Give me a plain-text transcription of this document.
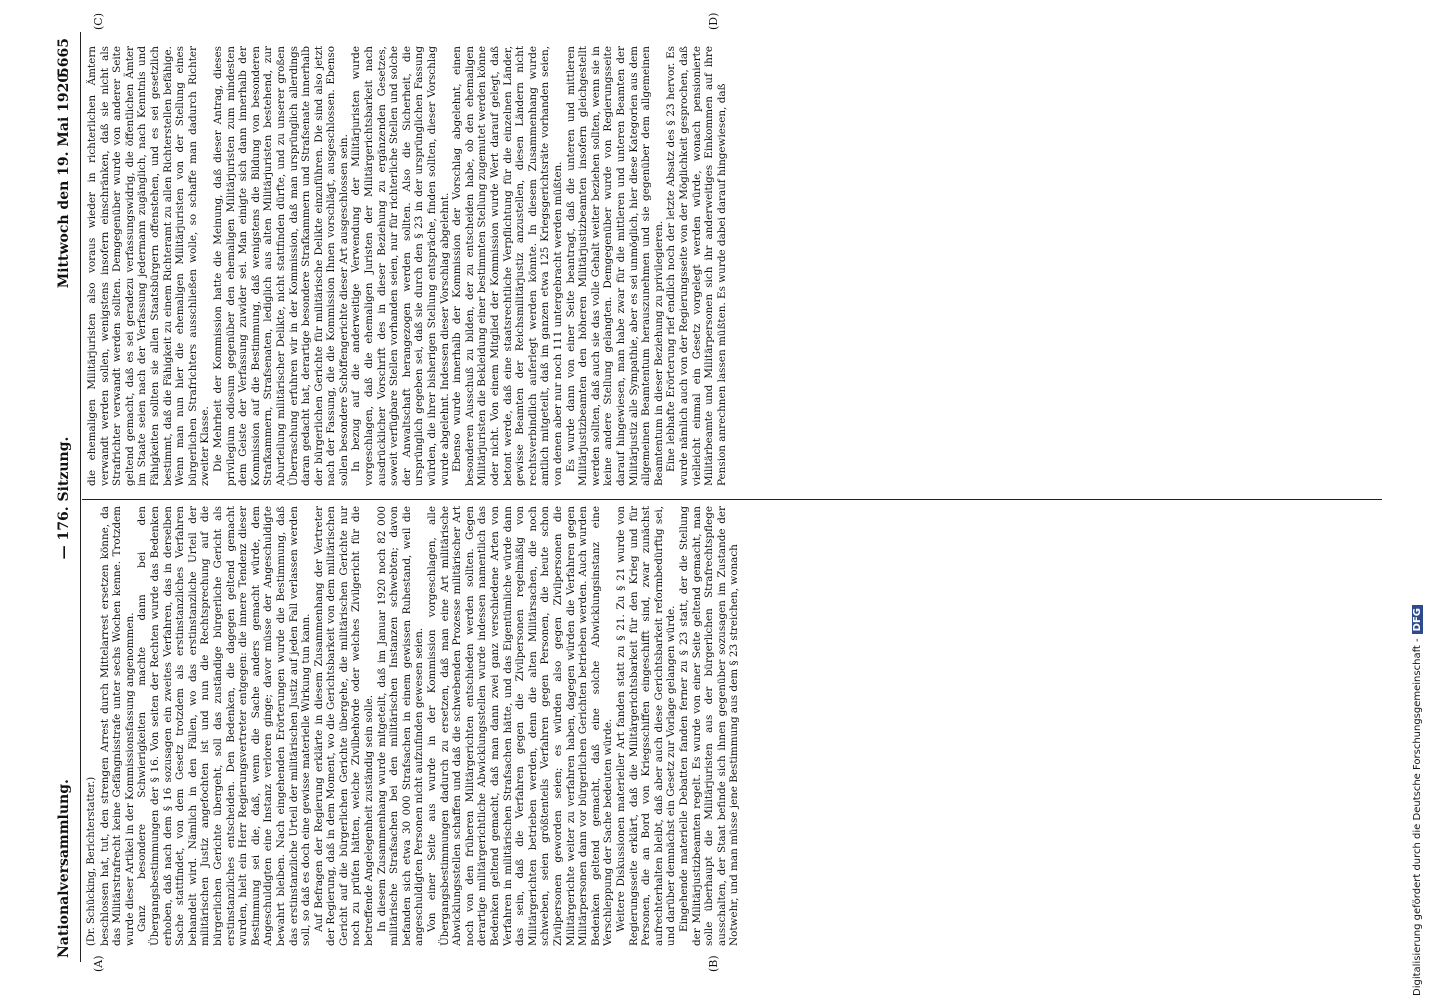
Nationalversammlung.
— 176. Sitzung.
Mittwoch den 19. Mai 1920.
5665
(A)	(B)
(C)	(D)

(Dr. Schücking, Berichterstatter.) beschlossen hat, tut, den strengen Arrest durch Mittelarrest ersetzen könne, da das Militärstrafrecht keine Gefängnisstrafe unter sechs Wochen kenne. Trotzdem wurde dieser Artikel in der Kommissionsfassung angenommen. Ganz besondere Schwierigkeiten machte dann bei den Übergangsbestimmungen der § 16. Von seiten der Rechten wurde das Bedenken erhoben, daß nach dem § 16 sozusagen ein zweites Verfahren, das in derselben Sache stattfindet, von dem Gesetz trotzdem als erstinstanzliches Verfahren behandelt wird. Nämlich in den Fällen, wo das erstinstanzliche Urteil der militärischen Justiz angefochten ist und nun die Rechtsprechung auf die bürgerlichen Gerichte übergeht, soll das zuständige bürgerliche Gericht als erstinstanzliches entscheiden. Den Bedenken, die dagegen geltend gemacht wurden, hielt ein Herr Regierungsvertreter entgegen: die innere Tendenz dieser Bestimmung sei die, daß, wenn die Sache anders gemacht würde, dem Angeschuldigten eine Instanz verloren ginge; davor müsse der Angeschuldigte bewahrt bleiben. Nach eingehenden Erörterungen wurde die Bestimmung, daß das erstinstanzliche Urteil der militärischen Justiz auf jeden Fall verlassen werden soll, so daß es doch eine gewisse materielle Wirkung tun kann. Auf Befragen der Regierung erklärte in diesem Zusammenhang der Vertreter der Regierung, daß in dem Moment, wo die Gerichtsbarkeit von dem militärischen Gericht auf die bürgerlichen Gerichte übergehe, die militärischen Gerichte nur noch zu prüfen hätten, welche Zivilbehörde oder welches Zivilgericht für die betreffende Angelegenheit zuständig sein solle. In diesem Zusammenhang wurde mitgeteilt, daß im Januar 1920 noch 82 000 militärische Strafsachen bei den militärischen Instanzen schwebten; davon befanden sich etwa 30 000 Strafsachen in einem gewissen Ruhestand, weil die angeschuldigten Personen nicht aufzufinden gewesen seien. Von einer Seite aus wurde in der Kommission vorgeschlagen, alle Übergangsbestimmungen dadurch zu ersetzen, daß man eine Art militärische Abwicklungsstellen schaffen und daß die schwebenden Prozesse militärischer Art noch von den früheren Militärgerichten entschieden werden sollten. Gegen derartige militärgerichtliche Abwicklungsstellen wurde indessen namentlich das Bedenken geltend gemacht, daß man dann zwei ganz verschiedene Arten von Verfahren in militärischen Strafsachen hätte, und das Eigentümliche würde dann das sein, daß die Verfahren gegen die Zivilpersonen regelmäßig von Militärgerichten betrieben werden, denn die alten Militärsachen, die noch schweben, seien größtenteils Verfahren gegen Personen, die heute schon Zivilpersonen geworden seien; es würden also gegen Zivilpersonen die Militärgerichte weiter zu verfahren haben, dagegen würden die Verfahren gegen Militärpersonen dann vor bürgerlichen Gerichten betrieben werden. Auch wurden Bedenken geltend gemacht, daß eine solche Abwicklungsinstanz eine Verschleppung der Sache bedeuten würde. Weitere Diskussionen materieller Art fanden statt zu § 21. Zu § 21 wurde von Regierungsseite erklärt, daß die Militärgerichtsbarkeit für den Krieg und für Personen, die an Bord von Kriegsschiffen eingeschifft sind, zwar zunächst aufrechterhalten bleibt, daß aber auch diese Gerichtsbarkeit reformbedürftig sei, und darüber demnächst ein Gesetz zur Vorlage gelangen würde. Eingehende materielle Debatten fanden ferner zu § 23 statt, der die Stellung der Militärjustizbeamten regelt. Es wurde von einer Seite geltend gemacht, man solle überhaupt die Militärjuristen aus der bürgerlichen Strafrechtspflege ausschalten, der Staat befinde sich ihnen gegenüber sozusagen im Zustande der Notwehr, und man müsse jene Bestimmung aus dem § 23 streichen, wonach

die ehemaligen Militärjuristen also voraus wieder in richterlichen Ämtern verwandt werden sollen, wenigstens insofern einschränken, daß sie nicht als Strafrichter verwandt werden sollten. Demgegenüber wurde von anderer Seite geltend gemacht, daß es sei geradezu verfassungswidrig, die öffentlichen Ämter im Staate seien nach der Verfassung jedermann zugänglich, nach Kenntnis und Fähigkeiten sollten sie allen Staatsbürgern offenstehen, und es sei gesetzlich bestimmt, daß die Fähigkeit zu einem Richteramt zu allen Richterstellen befähige. Wenn man nun hier die ehemaligen Militärjuristen von der Stellung eines bürgerlichen Strafrichters ausschließen wolle, so schaffe man dadurch Richter zweiter Klasse. Die Mehrheit der Kommission hatte die Meinung, daß dieser Antrag, dieses privilegium odiosum gegenüber den ehemaligen Militärjuristen zum mindesten dem Geiste der Verfassung zuwider sei. Man einigte sich dann innerhalb der Kommission auf die Bestimmung, daß wenigstens die Bildung von besonderen Strafkammern, Strafsenaten, lediglich aus alten Militärjuristen bestehend, zur Aburteilung militärischer Delikte, nicht stattfinden dürfte, und zu unserer großen Überraschung erfuhren wir in der Kommission, daß man ursprünglich allerdings daran gedacht hat, derartige besondere Strafkammern und Strafsenate innerhalb der bürgerlichen Gerichte für militärische Delikte einzuführen. Die sind also jetzt nach der Fassung, die die Kommission Ihnen vorschlägt, ausgeschlossen. Ebenso sollen besondere Schöffengerichte dieser Art ausgeschlossen sein. In bezug auf die anderweitige Verwendung der Militärjuristen wurde vorgeschlagen, daß die ehemaligen Juristen der Militärgerichtsbarkeit nach ausdrücklicher Vorschrift des in dieser Beziehung zu ergänzenden Gesetzes, soweit verfügbare Stellen vorhanden seien, nur für richterliche Stellen und solche der Anwaltschaft herangezogen werden sollten. Also die Sicherheit, die ursprünglich gegeben sei, daß sie durch den § 23 in der ursprünglichen Fassung würden, die ihrer bisherigen Stellung entspräche, finden sollten, dieser Vorschlag wurde abgelehnt. Indessen dieser Vorschlag abgelehnt. Ebenso wurde innerhalb der Kommission der Vorschlag abgelehnt, einen besonderen Ausschuß zu bilden, der zu entscheiden habe, ob den ehemaligen Militärjuristen die Bekleidung einer bestimmten Stellung zugemutet werden könne oder nicht. Von einem Mitglied der Kommission wurde Wert darauf gelegt, daß betont werde, daß eine staatsrechtliche Verpflichtung für die einzelnen Länder, gewisse Beamten der Reichsmilitärjustiz anzustellen, diesen Ländern nicht rechtsverbindlich auferlegt werden könnte. In diesem Zusammenhang wurde amtlich mitgeteilt, daß im ganzen etwa 125 Kriegsgerichtsräte vorhanden seien, von denen aber nur noch 111 untergebracht werden müßten. Es wurde dann von einer Seite beantragt, daß die unteren und mittleren Militärjustizbeamten den höheren Militärjustizbeamten insofern gleichgestellt werden sollten, daß auch sie das volle Gehalt weiter beziehen sollten, wenn sie in keine andere Stellung gelangten. Demgegenüber wurde von Regierungsseite darauf hingewiesen, man habe zwar für die mittleren und unteren Beamten der Militärjustiz alle Sympathie, aber es sei unmöglich, hier diese Kategorien aus dem allgemeinen Beamtentum herauszunehmen und sie gegenüber dem allgemeinen Beamtentum in dieser Beziehung zu privilegieren. Eine lebhafte Erörterung rief endlich noch der letzte Absatz des § 23 hervor. Es wurde nämlich auch von der Regierungsseite von der Möglichkeit gesprochen, daß vielleicht einmal ein Gesetz vorgelegt werden würde, wonach pensionierte Militärbeamte und Militärpersonen sich ihr anderweitiges Einkommen auf ihre Pension anrechnen lassen müßten. Es wurde dabei darauf hingewiesen, daß

Digitalisierung gefördert durch die Deutsche Forschungsgemeinschaft -DFG
